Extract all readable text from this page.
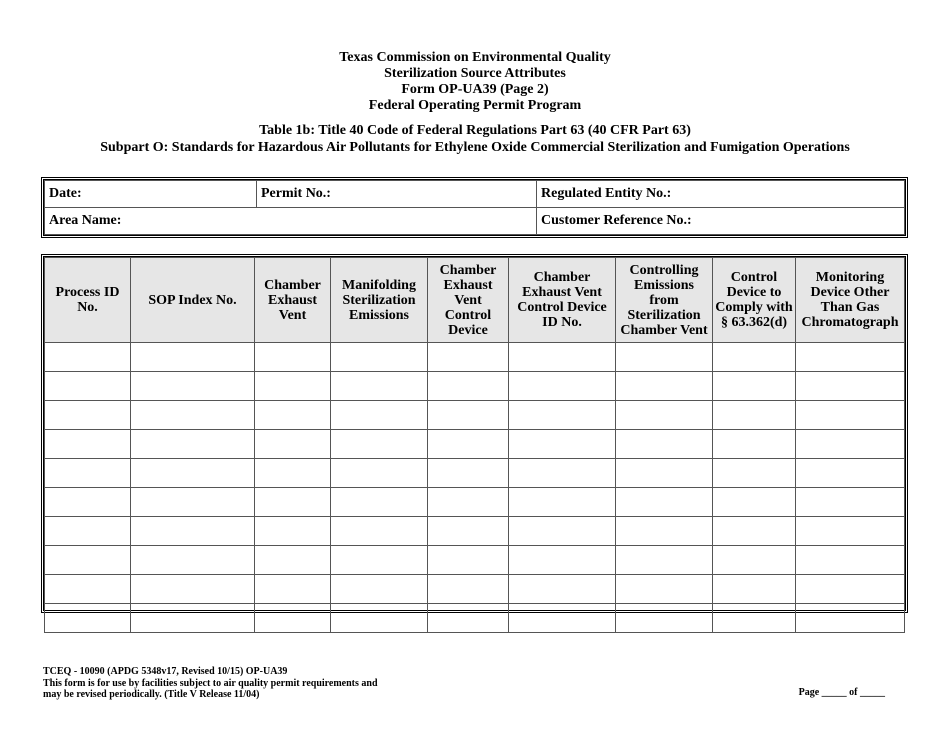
Texas Commission on Environmental Quality
Sterilization Source Attributes
Form OP-UA39 (Page 2)
Federal Operating Permit Program
Table 1b: Title 40 Code of Federal Regulations Part 63 (40 CFR Part 63)
Subpart O: Standards for Hazardous Air Pollutants for Ethylene Oxide Commercial Sterilization and Fumigation Operations
Date:	Permit No.:	Regulated Entity No.:
Area Name:		Customer Reference No.:
Process ID No.	SOP Index No.	Chamber Exhaust Vent	Manifolding Sterilization Emissions	Chamber Exhaust Vent Control Device	Chamber Exhaust Vent Control Device ID No.	Controlling Emissions from Sterilization Chamber Vent	Control Device to Comply with § 63.362(d)	Monitoring Device Other Than Gas Chromatograph

TCEQ - 10090 (APDG 5348v17, Revised 10/15) OP-UA39
This form is for use by facilities subject to air quality permit requirements and
may be revised periodically. (Title V Release 11/04)	Page _____ of _____
